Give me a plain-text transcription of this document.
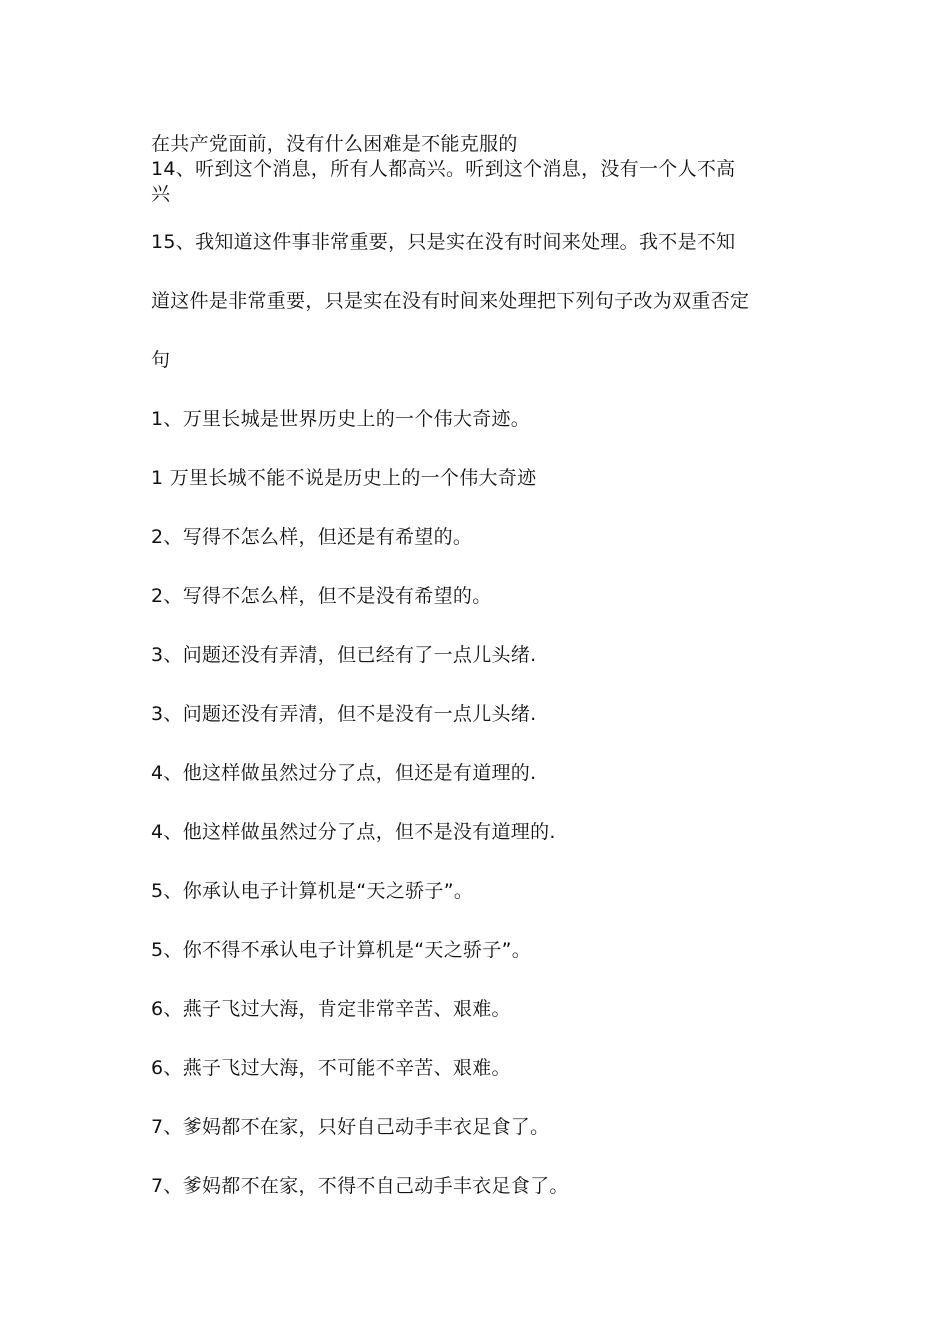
在共产党面前，没有什么困难是不能克服的
14、听到这个消息，所有人都高兴。听到这个消息，没有一个人不高
兴
15、我知道这件事非常重要，只是实在没有时间来处理。我不是不知
道这件是非常重要，只是实在没有时间来处理把下列句子改为双重否定
句
1、万里长城是世界历史上的一个伟大奇迹。
1 万里长城不能不说是历史上的一个伟大奇迹
2、写得不怎么样，但还是有希望的。
2、写得不怎么样，但不是没有希望的。
3、问题还没有弄清，但已经有了一点儿头绪.
3、问题还没有弄清，但不是没有一点儿头绪.
4、他这样做虽然过分了点，但还是有道理的.
4、他这样做虽然过分了点，但不是没有道理的.
5、你承认电子计算机是“天之骄子”。
5、你不得不承认电子计算机是“天之骄子”。
6、燕子飞过大海，肯定非常辛苦、艰难。
6、燕子飞过大海，不可能不辛苦、艰难。
7、爹妈都不在家，只好自己动手丰衣足食了。
7、爹妈都不在家，不得不自己动手丰衣足食了。
